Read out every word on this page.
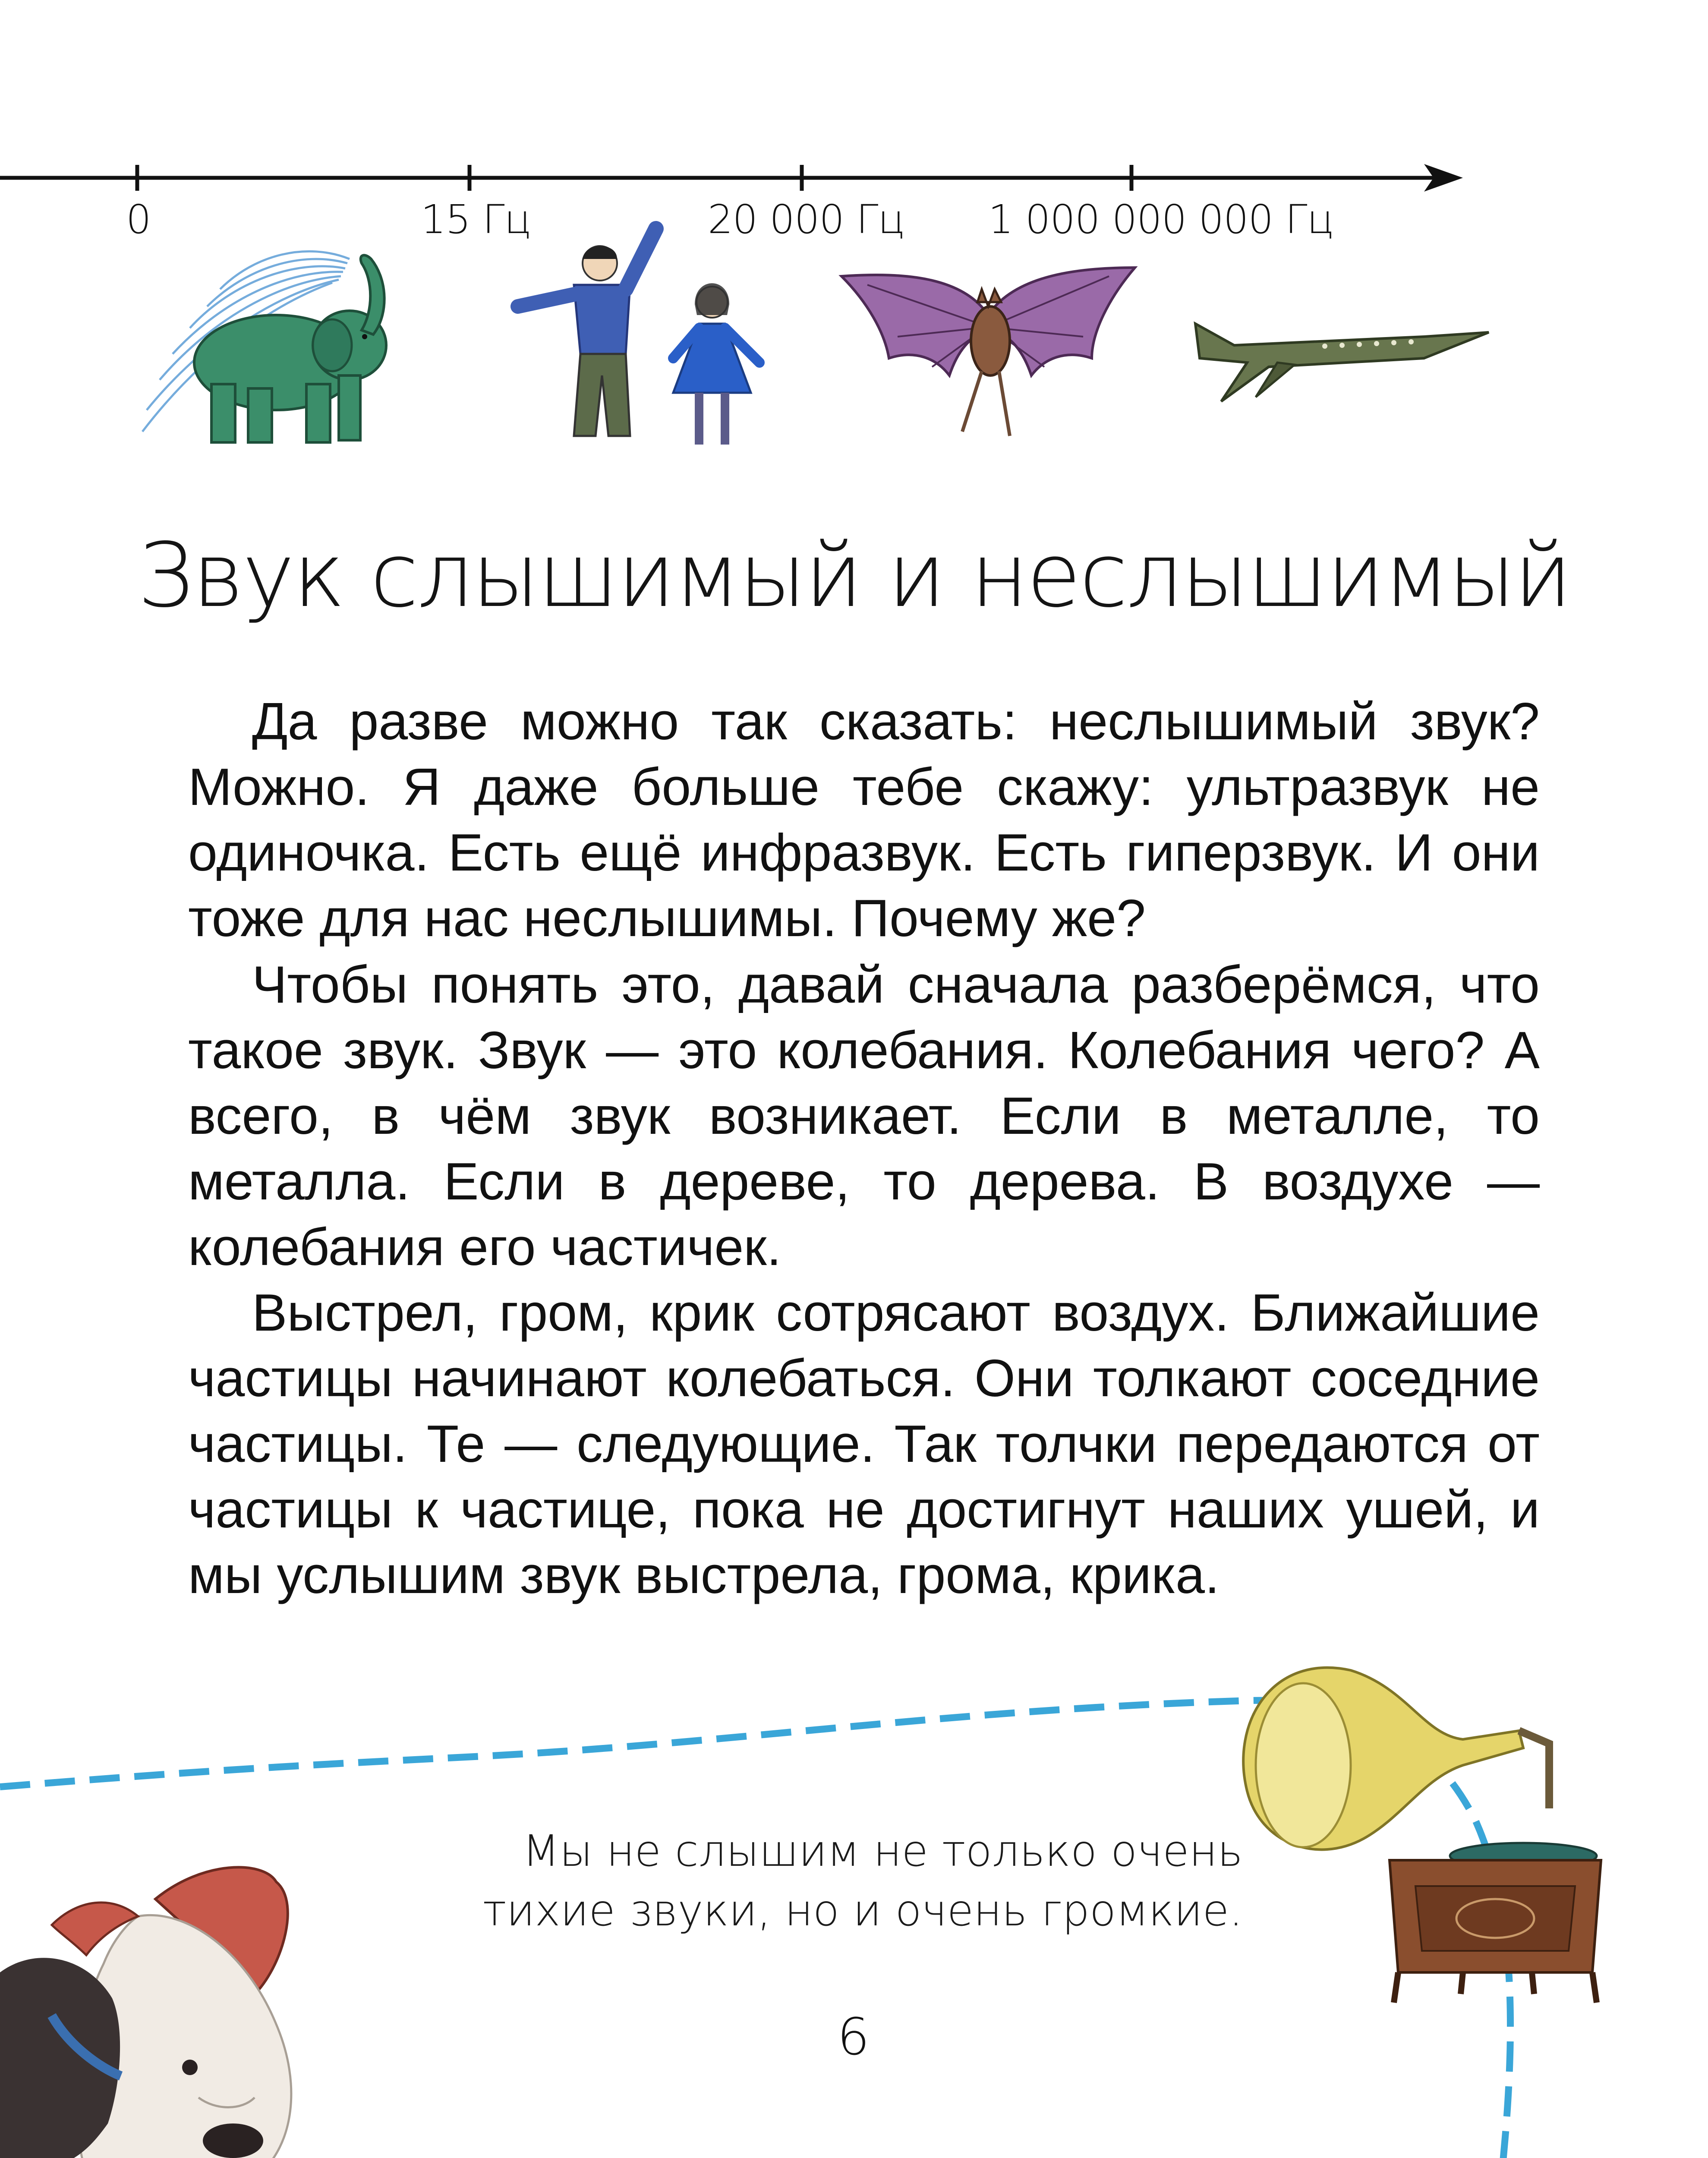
0	15 Гц	20 000 Гц 1 000 000 000 Гц
Звук слышимый и неслышимый

Да разве можно так сказать: неслышимый звук? Можно. Я даже больше тебе скажу: ультразвук не одиночка. Есть ещё инфразвук. Есть гиперзвук. И они тоже для нас неслышимы. Почему же?

Чтобы понять это, давай сначала разберёмся, что такое звук. Звук — это колебания. Колебания чего? А всего, в чём звук возникает. Если в металле, то металла. Если в дереве, то дерева. В воздухе — колебания его частичек.

Выстрел, гром, крик сотрясают воздух. Ближайшие частицы начинают колебаться. Они толкают соседние частицы. Те — следующие. Так толчки передаются от частицы к частице, пока не достигнут наших ушей, и мы услышим звук выстрела, грома, крика.

Мы не слышим не только очень
тихие звуки, но и очень громкие.

6
